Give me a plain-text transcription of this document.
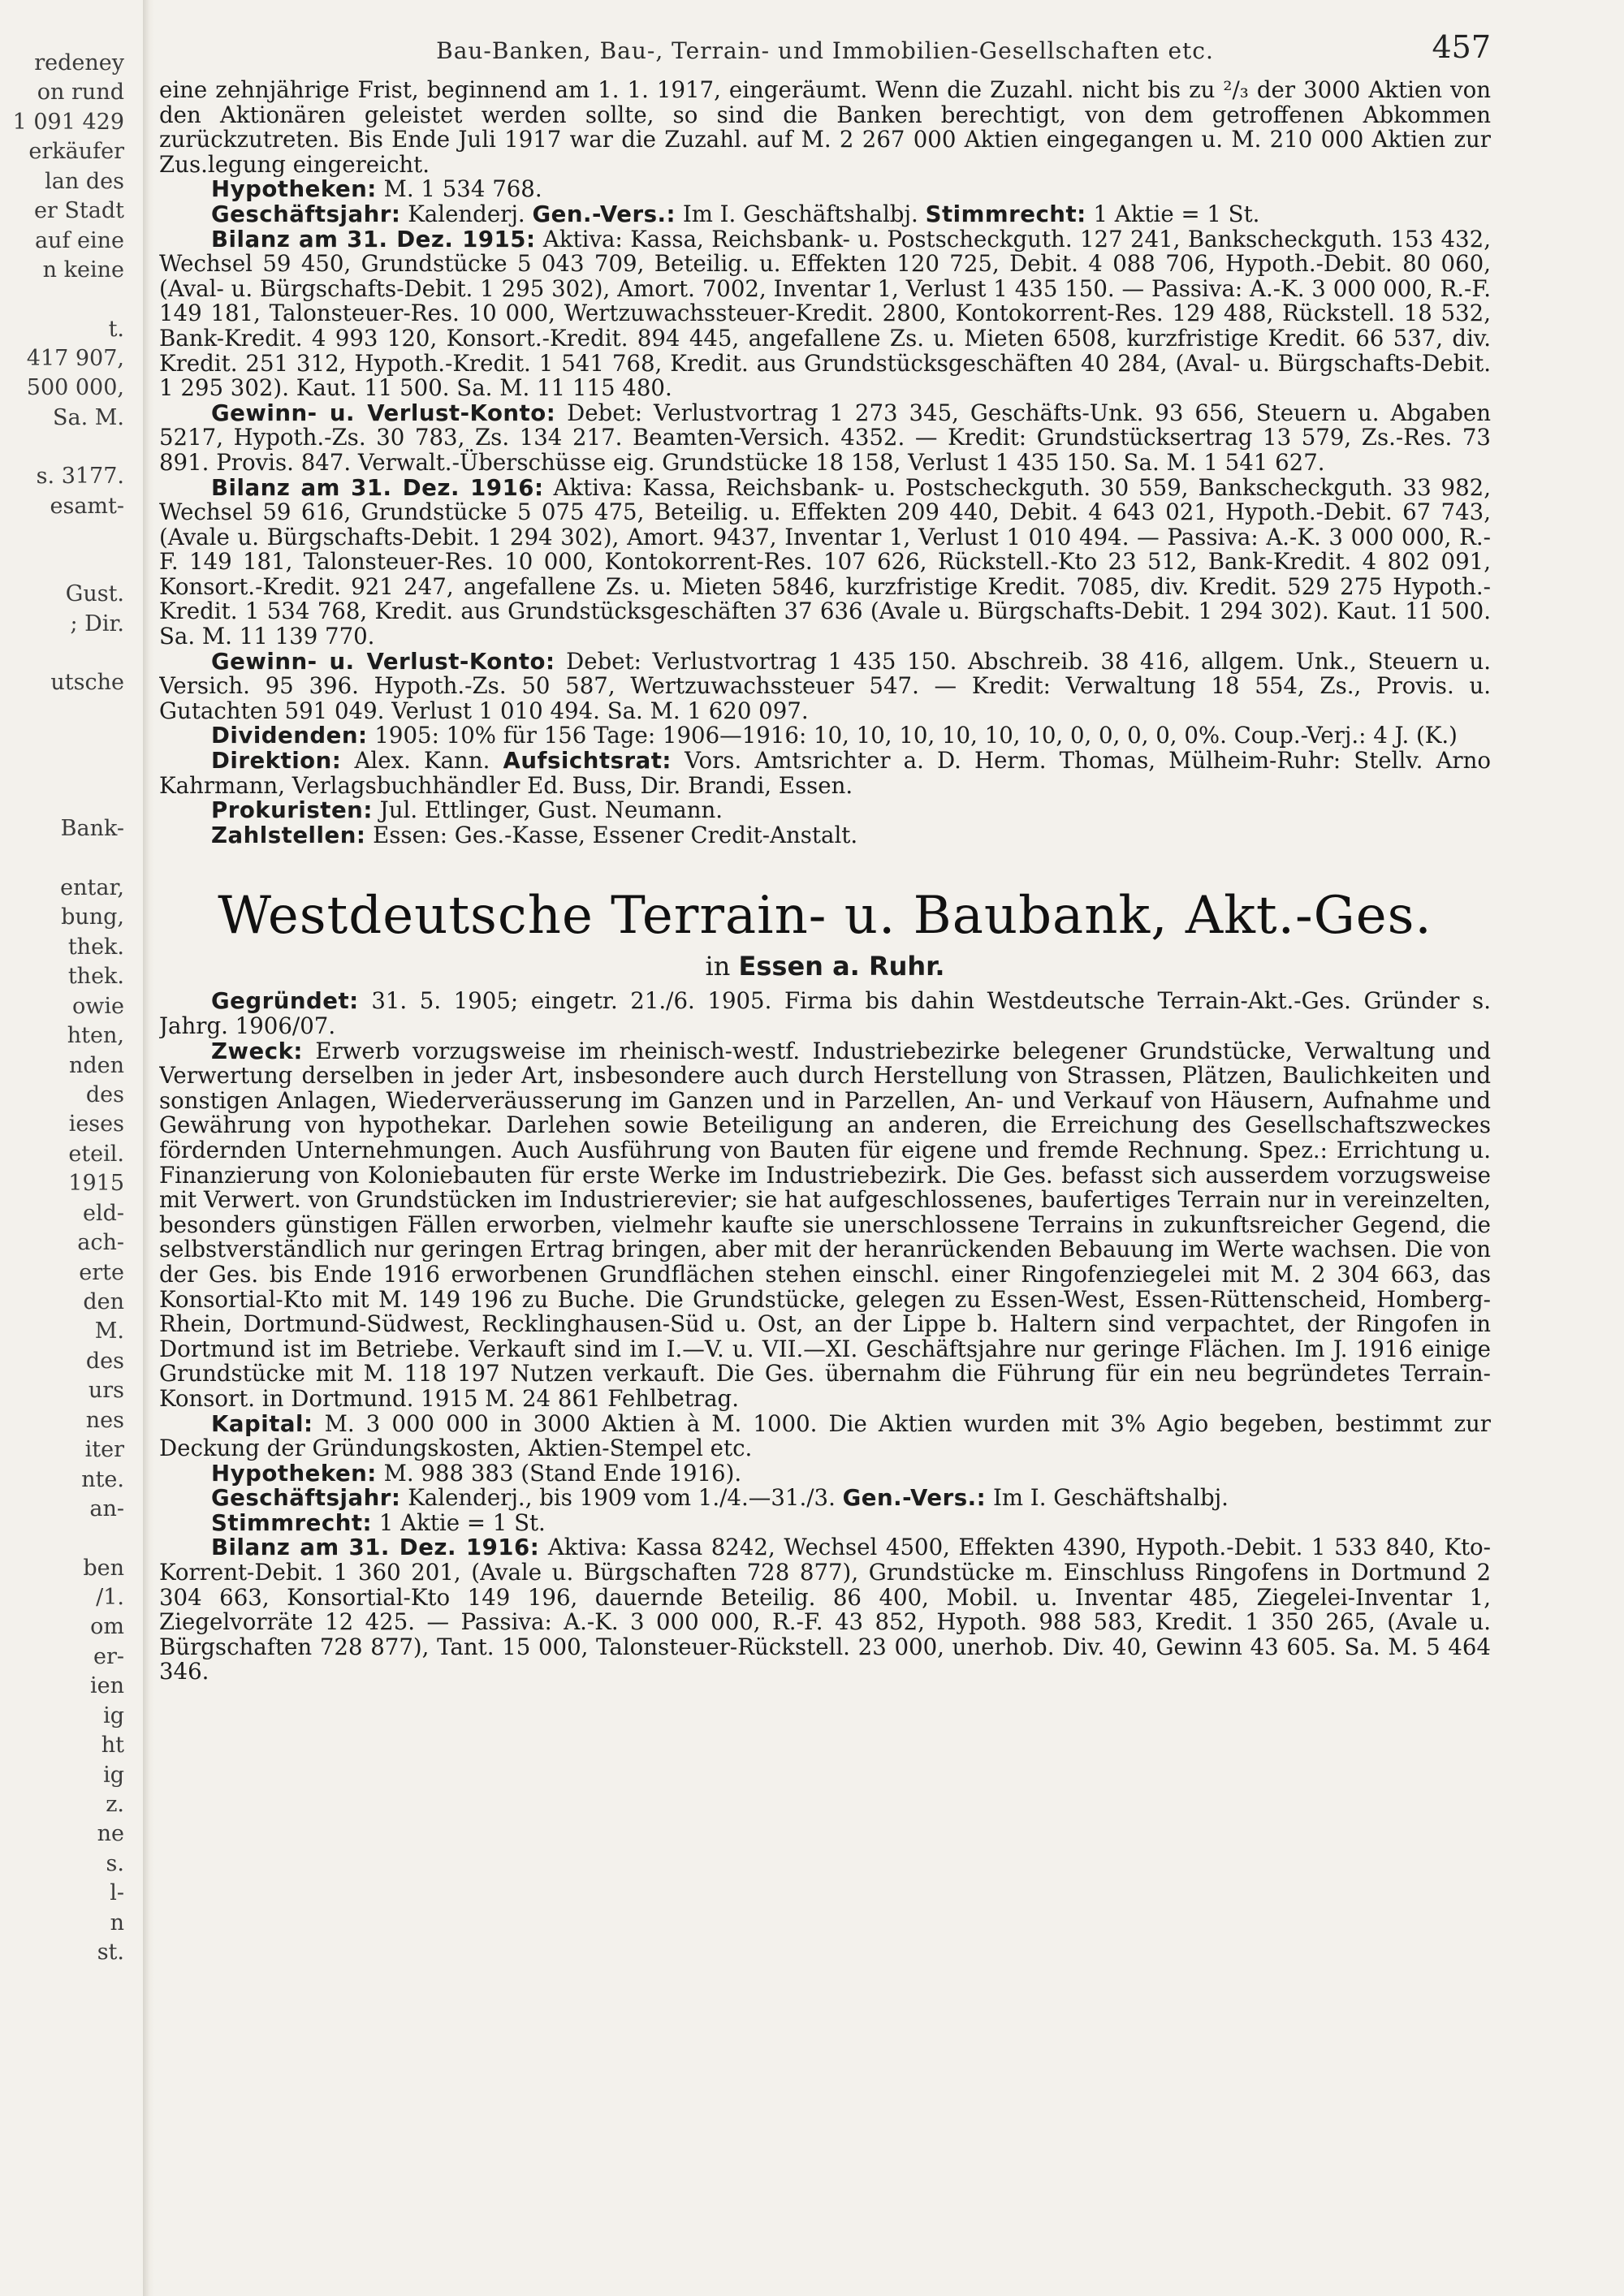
redeney
on rund
1 091 429
erkäufer
lan des
er Stadt
auf eine
n keine
t.
417 907,
500 000,
Sa. M.
s. 3177.
esamt-
Gust.
; Dir.
utsche
Bank-
entar,
bung,
thek.
thek.
owie
hten,
nden
des
ieses
eteil.
1915
eld-
ach-
erte
den
M.
des
urs
nes
iter
nte.
an-
ben
/1.
om
er-
ien
ig
ht
ig
z.
ne
s.
l-
n
st.
Bau-Banken, Bau-, Terrain- und Immobilien-Gesellschaften etc.	457

eine zehnjährige Frist, beginnend am 1. 1. 1917, eingeräumt. Wenn die Zuzahl. nicht bis zu ²/₃ der 3000 Aktien von den Aktionären geleistet werden sollte, so sind die Banken berechtigt, von dem getroffenen Abkommen zurückzutreten. Bis Ende Juli 1917 war die Zuzahl. auf M. 2 267 000 Aktien eingegangen u. M. 210 000 Aktien zur Zus.legung eingereicht.

Hypotheken: M. 1 534 768.

Geschäftsjahr: Kalenderj. Gen.-Vers.: Im I. Geschäftshalbj. Stimmrecht: 1 Aktie = 1 St.

Bilanz am 31. Dez. 1915: Aktiva: Kassa, Reichsbank- u. Postscheckguth. 127 241, Bankscheckguth. 153 432, Wechsel 59 450, Grundstücke 5 043 709, Beteilig. u. Effekten 120 725, Debit. 4 088 706, Hypoth.-Debit. 80 060, (Aval- u. Bürgschafts-Debit. 1 295 302), Amort. 7002, Inventar 1, Verlust 1 435 150. — Passiva: A.-K. 3 000 000, R.-F. 149 181, Talonsteuer-Res. 10 000, Wertzuwachssteuer-Kredit. 2800, Kontokorrent-Res. 129 488, Rückstell. 18 532, Bank-Kredit. 4 993 120, Konsort.-Kredit. 894 445, angefallene Zs. u. Mieten 6508, kurzfristige Kredit. 66 537, div. Kredit. 251 312, Hypoth.-Kredit. 1 541 768, Kredit. aus Grundstücksgeschäften 40 284, (Aval- u. Bürgschafts-Debit. 1 295 302). Kaut. 11 500. Sa. M. 11 115 480.

Gewinn- u. Verlust-Konto: Debet: Verlustvortrag 1 273 345, Geschäfts-Unk. 93 656, Steuern u. Abgaben 5217, Hypoth.-Zs. 30 783, Zs. 134 217. Beamten-Versich. 4352. — Kredit: Grundstücksertrag 13 579, Zs.-Res. 73 891. Provis. 847. Verwalt.-Überschüsse eig. Grundstücke 18 158, Verlust 1 435 150. Sa. M. 1 541 627.

Bilanz am 31. Dez. 1916: Aktiva: Kassa, Reichsbank- u. Postscheckguth. 30 559, Bankscheckguth. 33 982, Wechsel 59 616, Grundstücke 5 075 475, Beteilig. u. Effekten 209 440, Debit. 4 643 021, Hypoth.-Debit. 67 743, (Avale u. Bürgschafts-Debit. 1 294 302), Amort. 9437, Inventar 1, Verlust 1 010 494. — Passiva: A.-K. 3 000 000, R.-F. 149 181, Talonsteuer-Res. 10 000, Kontokorrent-Res. 107 626, Rückstell.-Kto 23 512, Bank-Kredit. 4 802 091, Konsort.-Kredit. 921 247, angefallene Zs. u. Mieten 5846, kurzfristige Kredit. 7085, div. Kredit. 529 275 Hypoth.-Kredit. 1 534 768, Kredit. aus Grundstücksgeschäften 37 636 (Avale u. Bürgschafts-Debit. 1 294 302). Kaut. 11 500. Sa. M. 11 139 770.

Gewinn- u. Verlust-Konto: Debet: Verlustvortrag 1 435 150. Abschreib. 38 416, allgem. Unk., Steuern u. Versich. 95 396. Hypoth.-Zs. 50 587, Wertzuwachssteuer 547. — Kredit: Verwaltung 18 554, Zs., Provis. u. Gutachten 591 049. Verlust 1 010 494. Sa. M. 1 620 097.

Dividenden: 1905: 10% für 156 Tage: 1906—1916: 10, 10, 10, 10, 10, 10, 0, 0, 0, 0, 0%. Coup.-Verj.: 4 J. (K.)

Direktion: Alex. Kann. Aufsichtsrat: Vors. Amtsrichter a. D. Herm. Thomas, Mülheim-Ruhr: Stellv. Arno Kahrmann, Verlagsbuchhändler Ed. Buss, Dir. Brandi, Essen.

Prokuristen: Jul. Ettlinger, Gust. Neumann.

Zahlstellen: Essen: Ges.-Kasse, Essener Credit-Anstalt.

Westdeutsche Terrain- u. Baubank, Akt.-Ges.
in Essen a. Ruhr.

Gegründet: 31. 5. 1905; eingetr. 21./6. 1905. Firma bis dahin Westdeutsche Terrain-Akt.-Ges. Gründer s. Jahrg. 1906/07.

Zweck: Erwerb vorzugsweise im rheinisch-westf. Industriebezirke belegener Grundstücke, Verwaltung und Verwertung derselben in jeder Art, insbesondere auch durch Herstellung von Strassen, Plätzen, Baulichkeiten und sonstigen Anlagen, Wiederveräusserung im Ganzen und in Parzellen, An- und Verkauf von Häusern, Aufnahme und Gewährung von hypothekar. Darlehen sowie Beteiligung an anderen, die Erreichung des Gesellschaftszweckes fördernden Unternehmungen. Auch Ausführung von Bauten für eigene und fremde Rechnung. Spez.: Errichtung u. Finanzierung von Koloniebauten für erste Werke im Industriebezirk. Die Ges. befasst sich ausserdem vorzugsweise mit Verwert. von Grundstücken im Industrierevier; sie hat aufgeschlossenes, baufertiges Terrain nur in vereinzelten, besonders günstigen Fällen erworben, vielmehr kaufte sie unerschlossene Terrains in zukunftsreicher Gegend, die selbstverständlich nur geringen Ertrag bringen, aber mit der heranrückenden Bebauung im Werte wachsen. Die von der Ges. bis Ende 1916 erworbenen Grundflächen stehen einschl. einer Ringofenziegelei mit M. 2 304 663, das Konsortial-Kto mit M. 149 196 zu Buche. Die Grundstücke, gelegen zu Essen-West, Essen-Rüttenscheid, Homberg-Rhein, Dortmund-Südwest, Recklinghausen-Süd u. Ost, an der Lippe b. Haltern sind verpachtet, der Ringofen in Dortmund ist im Betriebe. Verkauft sind im I.—V. u. VII.—XI. Geschäftsjahre nur geringe Flächen. Im J. 1916 einige Grundstücke mit M. 118 197 Nutzen verkauft. Die Ges. übernahm die Führung für ein neu begründetes Terrain-Konsort. in Dortmund. 1915 M. 24 861 Fehlbetrag.

Kapital: M. 3 000 000 in 3000 Aktien à M. 1000. Die Aktien wurden mit 3% Agio begeben, bestimmt zur Deckung der Gründungskosten, Aktien-Stempel etc.

Hypotheken: M. 988 383 (Stand Ende 1916).

Geschäftsjahr: Kalenderj., bis 1909 vom 1./4.—31./3. Gen.-Vers.: Im I. Geschäftshalbj.

Stimmrecht: 1 Aktie = 1 St.

Bilanz am 31. Dez. 1916: Aktiva: Kassa 8242, Wechsel 4500, Effekten 4390, Hypoth.-Debit. 1 533 840, Kto-Korrent-Debit. 1 360 201, (Avale u. Bürgschaften 728 877), Grundstücke m. Einschluss Ringofens in Dortmund 2 304 663, Konsortial-Kto 149 196, dauernde Beteilig. 86 400, Mobil. u. Inventar 485, Ziegelei-Inventar 1, Ziegelvorräte 12 425. — Passiva: A.-K. 3 000 000, R.-F. 43 852, Hypoth. 988 583, Kredit. 1 350 265, (Avale u. Bürgschaften 728 877), Tant. 15 000, Talonsteuer-Rückstell. 23 000, unerhob. Div. 40, Gewinn 43 605. Sa. M. 5 464 346.
